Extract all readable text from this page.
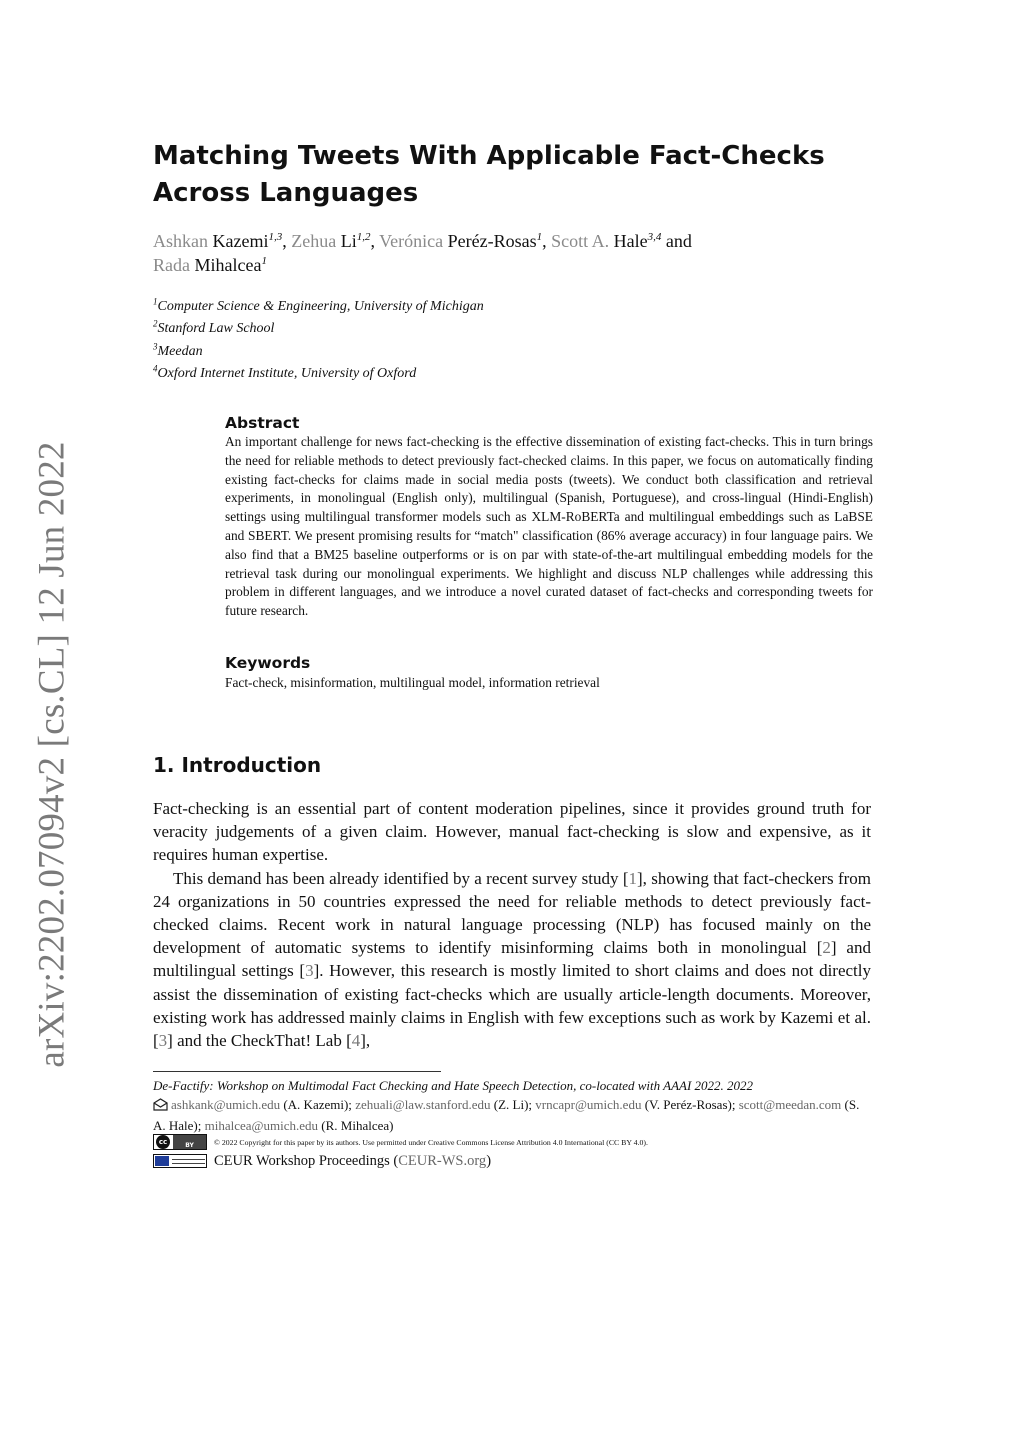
arXiv:2202.07094v2 [cs.CL] 12 Jun 2022
Matching Tweets With Applicable Fact-Checks
Across Languages
Ashkan Kazemi$^{1,3}$, Zehua Li$^{1,2}$, Verónica Peréz-Rosas$^1$, Scott A. Hale$^{3,4}$ and
Rada Mihalcea$^1$
$^1$Computer Science & Engineering, University of Michigan
$^2$Stanford Law School
$^3$Meedan
$^4$Oxford Internet Institute, University of Oxford
Abstract

An important challenge for news fact-checking is the effective dissemination of existing fact-checks. This in turn brings the need for reliable methods to detect previously fact-checked claims. In this paper, we focus on automatically finding existing fact-checks for claims made in social media posts (tweets). We conduct both classification and retrieval experiments, in monolingual (English only), multilingual (Spanish, Portuguese), and cross-lingual (Hindi-English) settings using multilingual transformer models such as XLM-RoBERTa and multilingual embeddings such as LaBSE and SBERT. We present promising results for “match" classification (86% average accuracy) in four language pairs. We also find that a BM25 baseline outperforms or is on par with state-of-the-art multilingual embedding models for the retrieval task during our monolingual experiments. We highlight and discuss NLP challenges while addressing this problem in different languages, and we introduce a novel curated dataset of fact-checks and corresponding tweets for future research.

Keywords

Fact-check, misinformation, multilingual model, information retrieval

1. Introduction

Fact-checking is an essential part of content moderation pipelines, since it provides ground truth for veracity judgements of a given claim. However, manual fact-checking is slow and expensive, as it requires human expertise.

This demand has been already identified by a recent survey study [1], showing that fact-checkers from 24 organizations in 50 countries expressed the need for reliable methods to detect previously fact-checked claims. Recent work in natural language processing (NLP) has focused mainly on the development of automatic systems to identify misinforming claims both in monolingual [2] and multilingual settings [3]. However, this research is mostly limited to short claims and does not directly assist the dissemination of existing fact-checks which are usually article-length documents. Moreover, existing work has addressed mainly claims in English with few exceptions such as work by Kazemi et al. [3] and the CheckThat! Lab [4],

De-Factify: Workshop on Multimodal Fact Checking and Hate Speech Detection, co-located with AAAI 2022. 2022

ashkank@umich.edu (A. Kazemi); zehuali@law.stanford.edu (Z. Li); vrncapr@umich.edu (V. Peréz-Rosas); scott@meedan.com (S. A. Hale); mihalcea@umich.edu (R. Mihalcea)

cc	BY	© 2022 Copyright for this paper by its authors. Use permitted under Creative Commons License Attribution 4.0 International (CC BY 4.0).
CEUR Workshop Proceedings (CEUR-WS.org)
